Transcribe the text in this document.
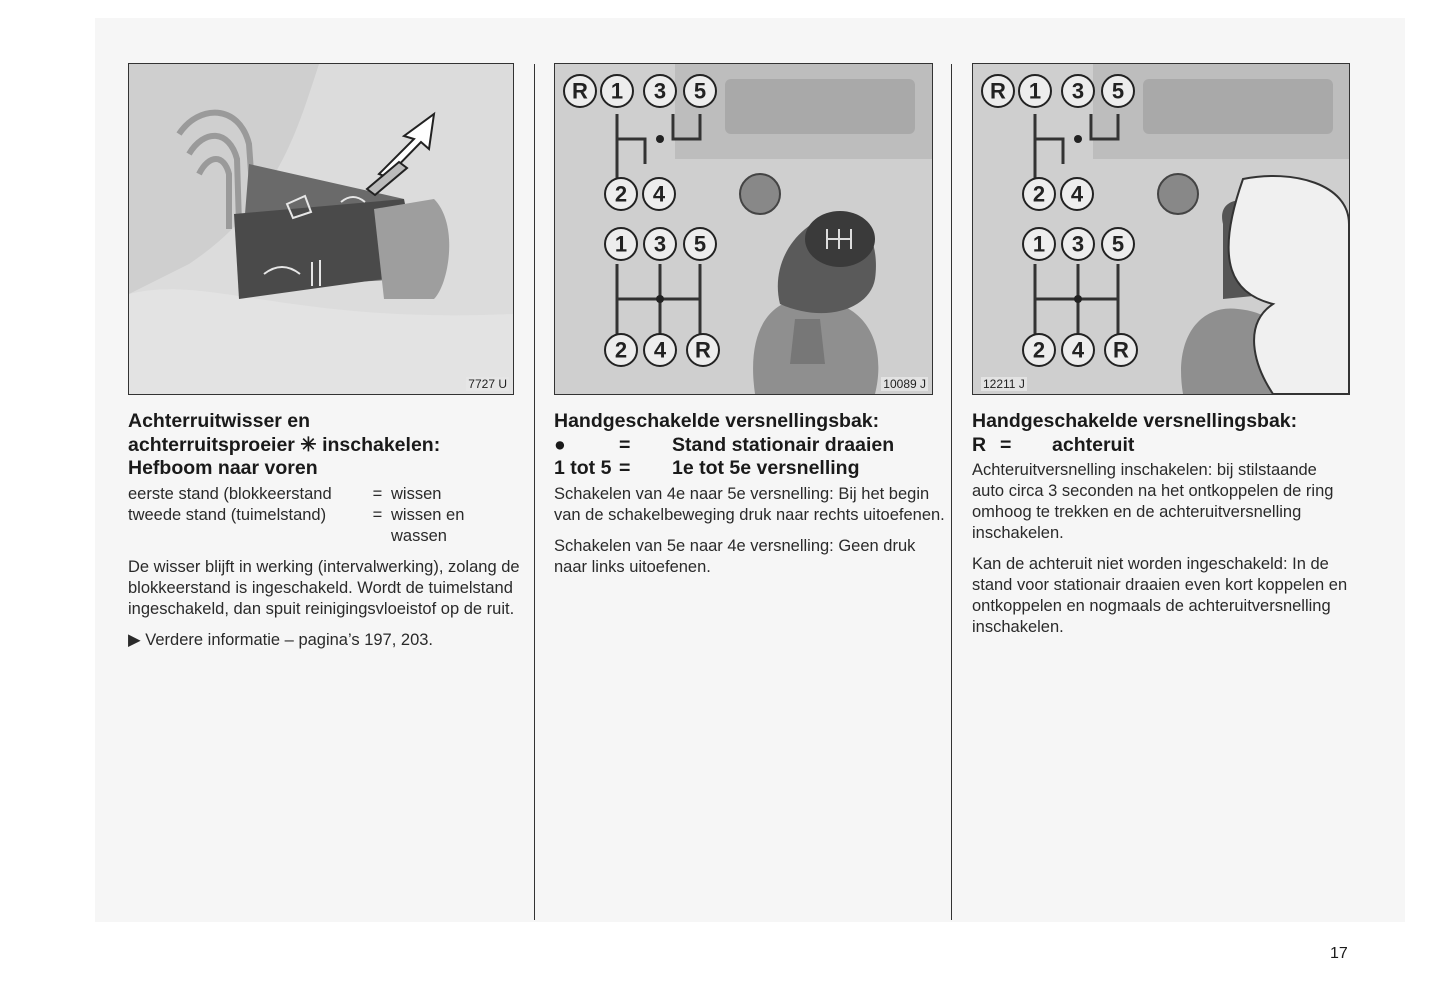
7727 U
R 1 3 5
2 4
1 3 5
2 4 R
10089 J
R 1 3 5
2 4
1 3 5
2 4 R
12211 J
Achterruitwisser en
achterruitsproeier ✳ inschakelen:
Hefboom naar voren
eerste stand (blokkeerstand	=	wissen
tweede stand (tuimelstand)	=	wissen en
		wassen

De wisser blijft in werking (intervalwerking), zolang de blokkeerstand is ingeschakeld. Wordt de tuimelstand ingeschakeld, dan spuit reinigingsvloeistof op de ruit.

▶ Verdere informatie – pagina’s 197, 203.

Handgeschakelde versnellingsbak:
●	=	Stand stationair draaien
1 tot 5 =	1e tot 5e versnelling

Schakelen van 4e naar 5e versnelling: Bij het begin van de schakelbeweging druk naar rechts uitoefenen.

Schakelen van 5e naar 4e versnelling: Geen druk naar links uitoefenen.

Handgeschakelde versnellingsbak:
R =	achteruit

Achteruitversnelling inschakelen: bij stilstaande auto circa 3 seconden na het ontkoppelen de ring omhoog te trekken en de achteruitversnelling inschakelen.

Kan de achteruit niet worden ingeschakeld: In de stand voor stationair draaien even kort koppelen en ontkoppelen en nogmaals de achteruitversnelling inschakelen.

17
